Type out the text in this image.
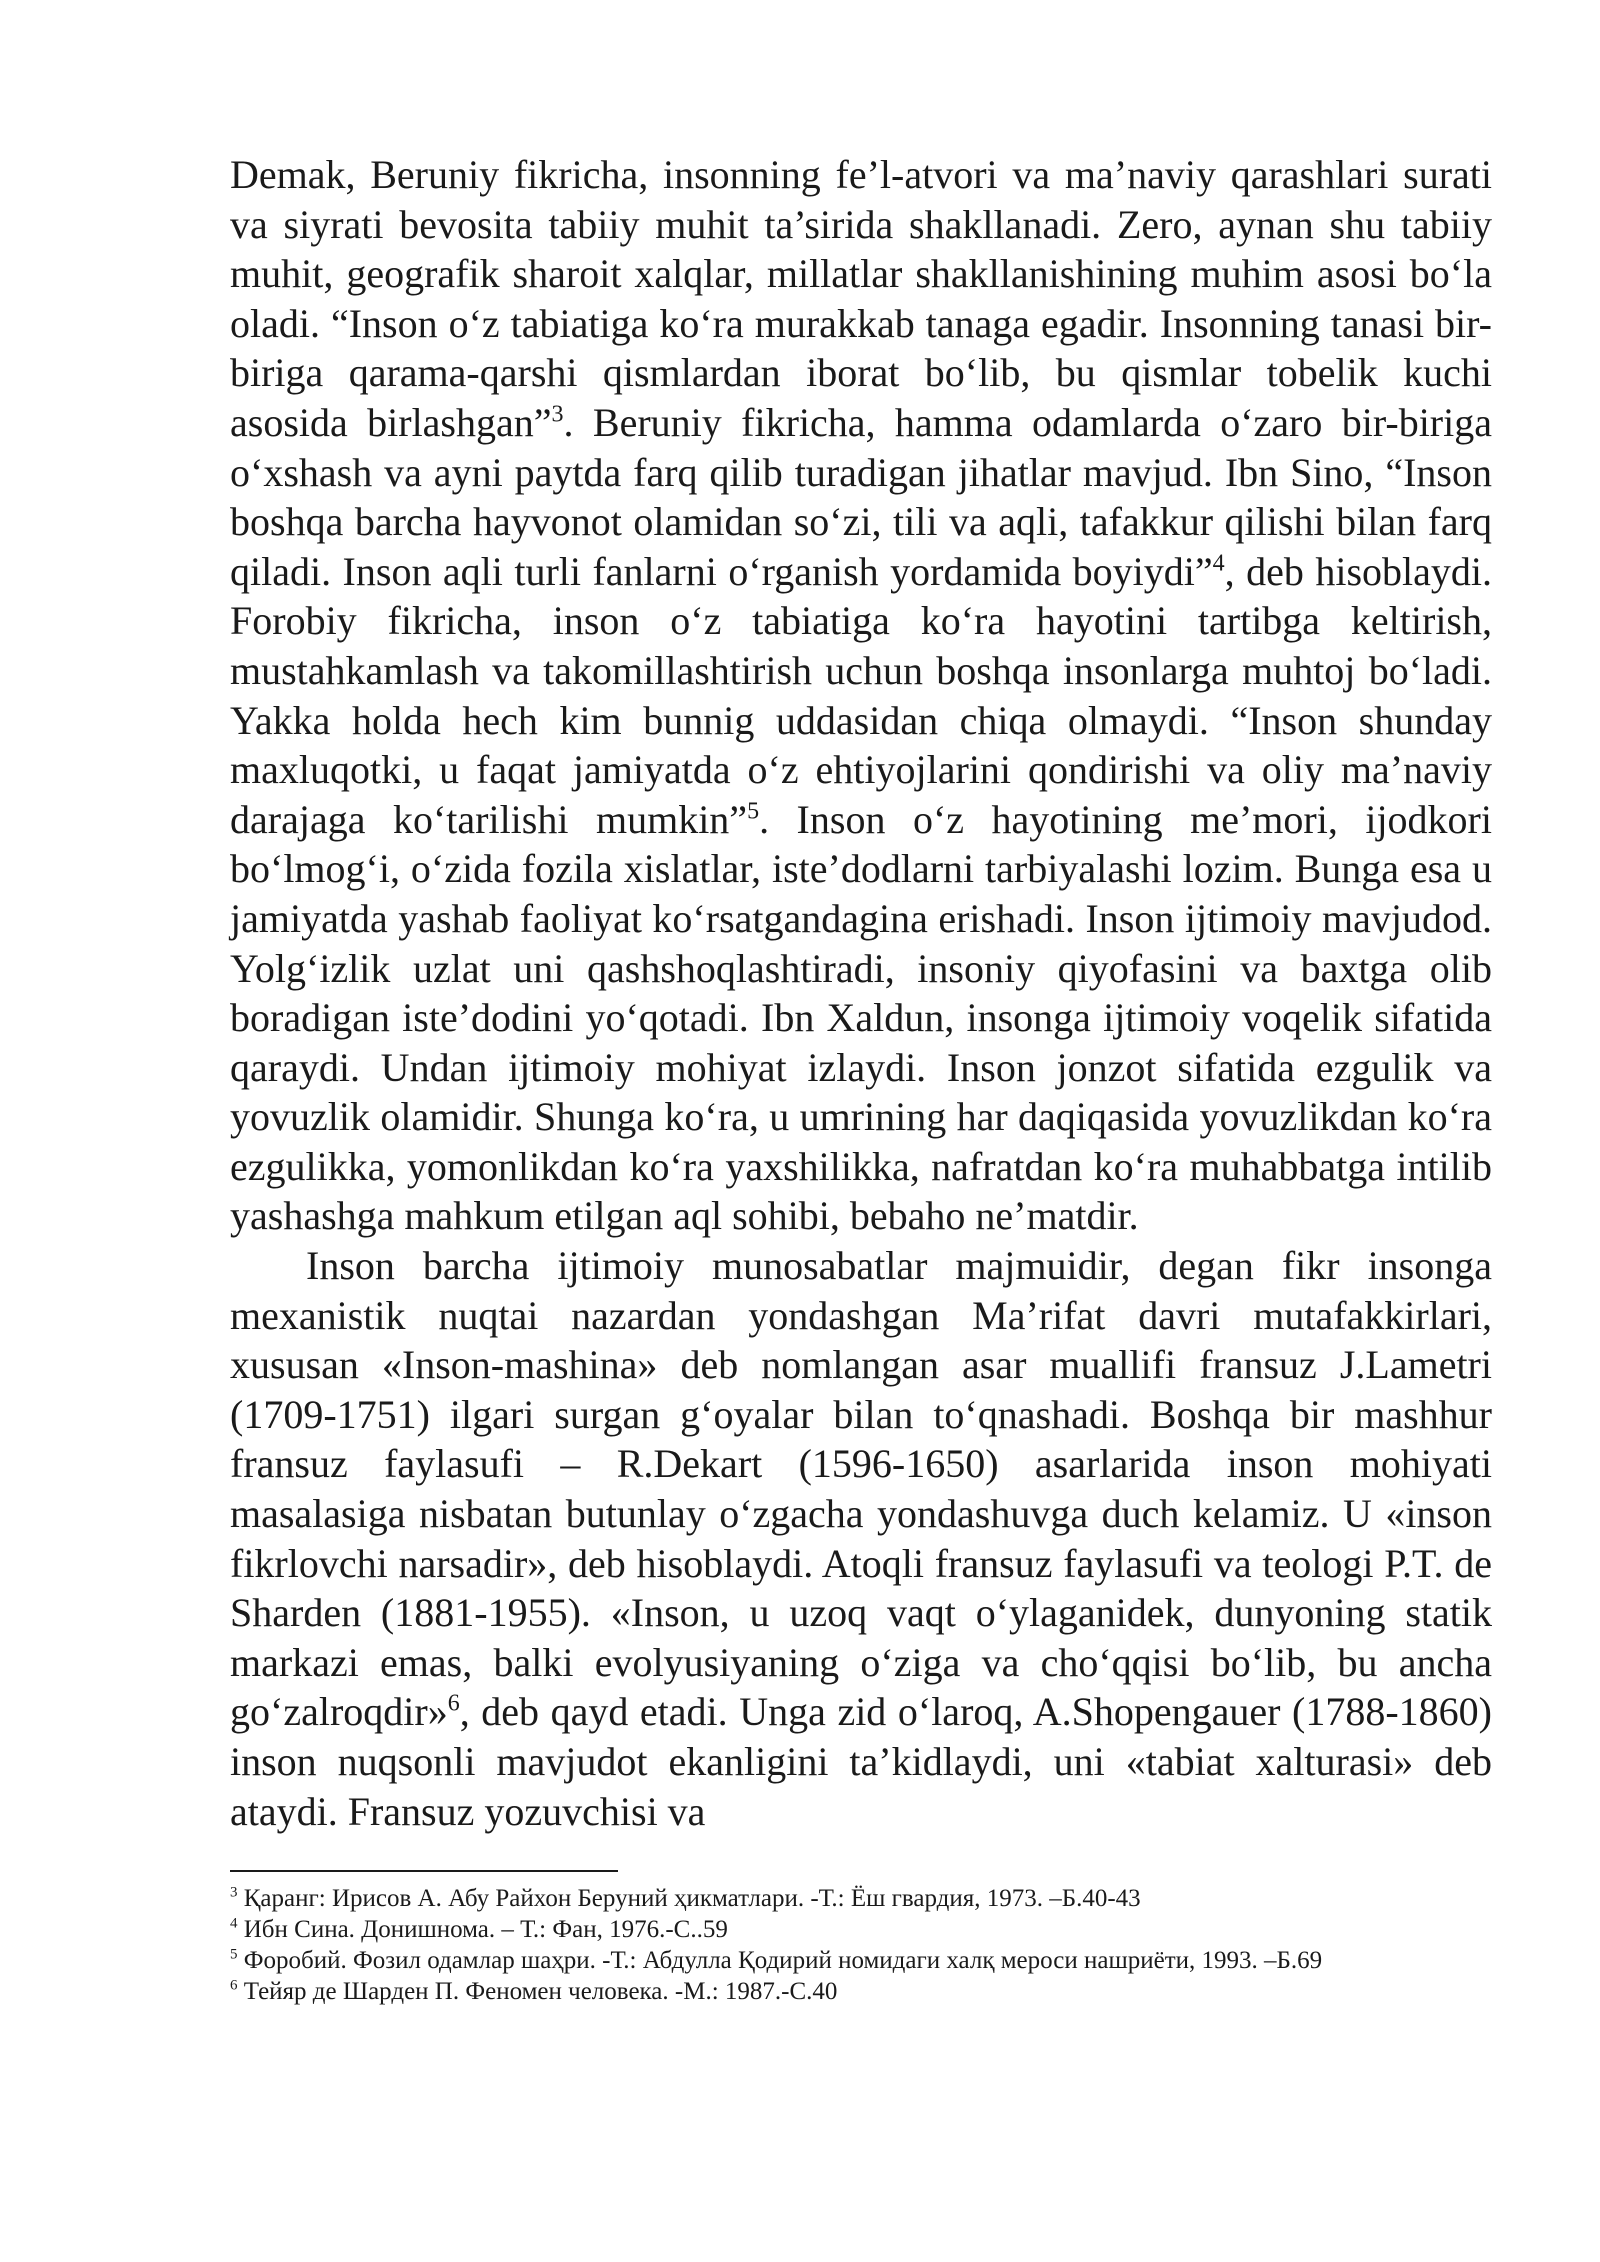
Demak, Beruniy fikricha, insonning fe’l-atvori va ma’naviy qarashlari surati va siyrati bevosita tabiiy muhit ta’sirida shakllanadi. Zero, aynan shu tabiiy muhit, geografik sharoit xalqlar, millatlar shakllanishining muhim asosi bo‘la oladi. “Inson o‘z tabiatiga ko‘ra murakkab tanaga egadir. Insonning tanasi bir-biriga qarama-qarshi qismlardan iborat bo‘lib, bu qismlar tobelik kuchi asosida birlashgan”$^3$. Beruniy fikricha, hamma odamlarda o‘zaro bir-biriga o‘xshash va ayni paytda farq qilib turadigan jihatlar mavjud. Ibn Sino, “Inson boshqa barcha hayvonot olamidan so‘zi, tili va aqli, tafakkur qilishi bilan farq qiladi. Inson aqli turli fanlarni o‘rganish yordamida boyiydi”$^4$, deb hisoblaydi. Forobiy fikricha, inson o‘z tabiatiga ko‘ra hayotini tartibga keltirish, mustahkamlash va takomillashtirish uchun boshqa insonlarga muhtoj bo‘ladi. Yakka holda hech kim bunnig uddasidan chiqa olmaydi. “Inson shunday maxluqotki, u faqat jamiyatda o‘z ehtiyojlarini qondirishi va oliy ma’naviy darajaga ko‘tarilishi mumkin”$^5$. Inson o‘z hayotining me’mori, ijodkori bo‘lmog‘i, o‘zida fozila xislatlar, iste’dodlarni tarbiyalashi lozim. Bunga esa u jamiyatda yashab faoliyat ko‘rsatgandagina erishadi. Inson ijtimoiy mavjudod. Yolg‘izlik uzlat uni qashshoqlashtiradi, insoniy qiyofasini va baxtga olib boradigan iste’dodini yo‘qotadi. Ibn Xaldun, insonga ijtimoiy voqelik sifatida qaraydi. Undan ijtimoiy mohiyat izlaydi. Inson jonzot sifatida ezgulik va yovuzlik olamidir. Shunga ko‘ra, u umrining har daqiqasida yovuzlikdan ko‘ra ezgulikka, yomonlikdan ko‘ra yaxshilikka, nafratdan ko‘ra muhabbatga intilib yashashga mahkum etilgan aql sohibi, bebaho ne’matdir.

Inson barcha ijtimoiy munosabatlar majmuidir, degan fikr insonga mexanistik nuqtai nazardan yondashgan Ma’rifat davri mutafakkirlari, xususan «Inson-mashina» deb nomlangan asar muallifi fransuz J.Lametri (1709-1751) ilgari surgan g‘oyalar bilan to‘qnashadi. Boshqa bir mashhur fransuz faylasufi – R.Dekart (1596-1650) asarlarida inson mohiyati masalasiga nisbatan butunlay o‘zgacha yondashuvga duch kelamiz. U «inson fikrlovchi narsadir», deb hisoblaydi. Atoqli fransuz faylasufi va teologi P.T. de Sharden (1881-1955). «Inson, u uzoq vaqt o‘ylaganidek, dunyoning statik markazi emas, balki evolyusiyaning o‘ziga va cho‘qqisi bo‘lib, bu ancha go‘zalroqdir»$^6$, deb qayd etadi. Unga zid o‘laroq, A.Shopengauer (1788-1860) inson nuqsonli mavjudot ekanligini ta’kidlaydi, uni «tabiat xalturasi» deb ataydi. Fransuz yozuvchisi va

$^3$ Қаранг: Ирисов А. Абу Райхон Беруний ҳикматлари. -Т.: Ёш гвардия, 1973. –Б.40-43
$^4$ Ибн Сина. Донишнома. – Т.: Фан, 1976.-С..59
$^5$ Форобий. Фозил одамлар шаҳри. -Т.: Абдулла Қодирий номидаги халқ мероси нашриёти, 1993. –Б.69
$^6$ Тейяр де Шарден П. Феномен человека. -М.: 1987.-С.40
